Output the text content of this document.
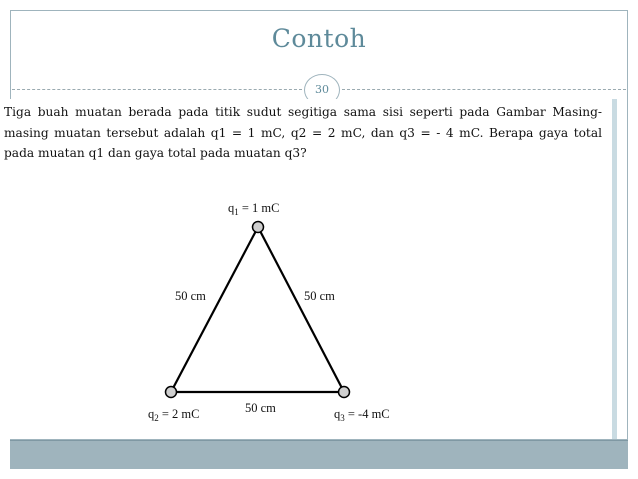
Contoh
30

Tiga buah muatan berada pada titik sudut segitiga sama sisi seperti pada Gambar Masing-masing muatan tersebut adalah q1 = 1 mC, q2 = 2 mC, dan q3 = - 4 mC. Berapa gaya total pada muatan q1 dan gaya total pada muatan q3?

$q_1 = 1$ mC
$q_2 = 2$ mC	$q_3 = -4$ mC
50 cm	50 cm
50 cm
